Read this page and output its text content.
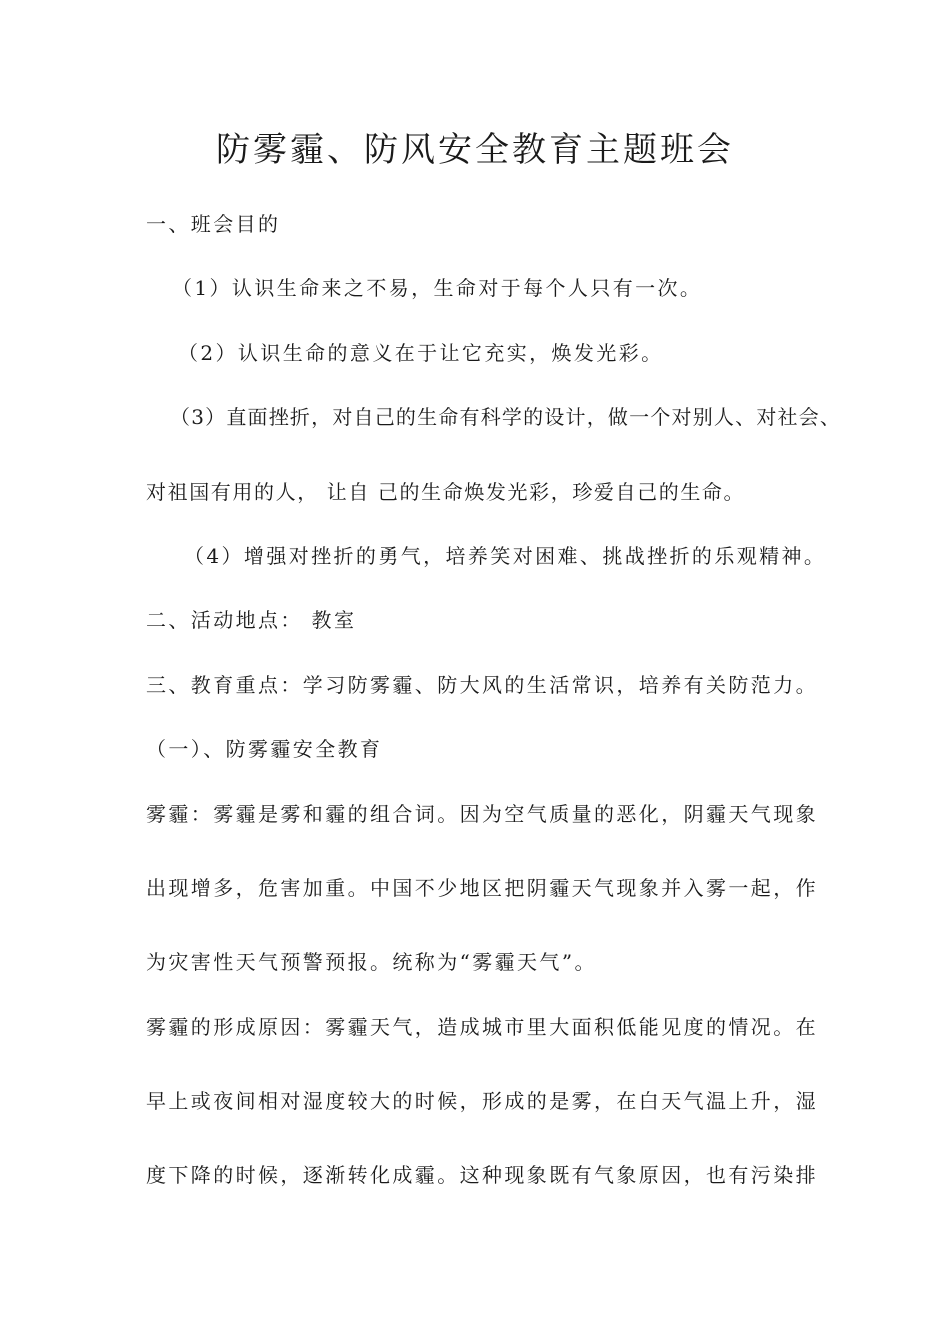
防雾霾、防风安全教育主题班会
一、班会目的
（1）认识生命来之不易，生命对于每个人只有一次。
（2）认识生命的意义在于让它充实，焕发光彩。
（3）直面挫折，对自己的生命有科学的设计，做一个对别人、对社会、
对祖国有用的人， 让自 己的生命焕发光彩，珍爱自己的生命。
（4）增强对挫折的勇气，培养笑对困难、挑战挫折的乐观精神。
二、活动地点： 教室
三、教育重点：学习防雾霾、防大风的生活常识，培养有关防范力。
（一）、防雾霾安全教育
雾霾：雾霾是雾和霾的组合词。因为空气质量的恶化，阴霾天气现象
出现增多，危害加重。中国不少地区把阴霾天气现象并入雾一起，作
为灾害性天气预警预报。统称为“雾霾天气”。
雾霾的形成原因：雾霾天气，造成城市里大面积低能见度的情况。在
早上或夜间相对湿度较大的时候，形成的是雾，在白天气温上升，湿
度下降的时候，逐渐转化成霾。这种现象既有气象原因，也有污染排
